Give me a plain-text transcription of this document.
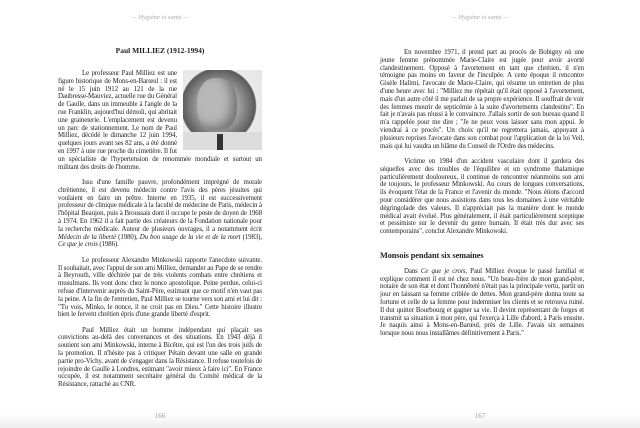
— Hygiène et santé —
Paul MILLIEZ (1912-1994)

Le professeur Paul Milliez est une figure historique de Mons-en-Barœul : il est né le 15 juin 1912 au 121 de la rue Daubresse-Mauviez, actuelle rue du Général de Gaulle, dans un immeuble à l'angle de la rue Franklin, aujourd'hui démoli, qui abritait une graineterie. L'emplacement est devenu un parc de stationnement. Le nom de Paul Milliez, décédé le dimanche 12 juin 1994, quelques jours avant ses 82 ans, a été donné en 1997 à une rue proche du cimetière. Il fut un spécialiste de l'hypertension de renommée mondiale et surtout un militant des droits de l'homme.

Issu d'une famille pauvre, profondément imprégné de morale chrétienne, il est devenu médecin contre l'avis des pères jésuites qui voulaient en faire un prêtre. Interne en 1935, il est successivement professeur de clinique médicale à la faculté de médecine de Paris, médecin à l'hôpital Beaujon, puis à Broussais dont il occupe le poste de doyen de 1968 à 1974. En 1962 il a fait partie des créateurs de la Fondation nationale pour la recherche médicale. Auteur de plusieurs ouvrages, il a notamment écrit Médecin de la liberté (1980), Du bon usage de la vie et de la mort (1983), Ce que je crois (1986).

Le professeur Alexandre Minkowski rapporte l'anecdote suivante. Il souhaitait, avec l'appui de son ami Milliez, demander au Pape de se rendre à Beyrouth, ville déchirée par de très violents combats entre chrétiens et musulmans. Ils vont donc chez le nonce apostolique. Peine perdue, celui-ci refuse d'intervenir auprès du Saint-Père, estimant que ce motif n'en vaut pas la peine. A la fin de l'entretien, Paul Milliez se tourne vers son ami et lui dit : "Tu vois, Minko, le nonce, il ne croit pas en Dieu." Cette histoire illustre bien le fervent chrétien épris d'une grande liberté d'esprit.

Paul Milliez était un homme indépendant qui plaçait ses convictions au-delà des convenances et des situations. En 1943 déjà il soutient son ami Minkowski, interne à Bicêtre, qui est l'un des trois juifs de la promotion. Il n'hésite pas à critiquer Pétain devant une salle en grande partie pro-Vichy, avant de s'engager dans la Résistance. Il refuse toutefois de rejoindre de Gaulle à Londres, estimant "avoir mieux à faire ici". En France occupée, il est notamment secrétaire général du Comité médical de la Résistance, rattaché au CNR.

166
— Hygiène et santé —

En novembre 1971, il prend part au procès de Bobigny où une jeune femme prénommée Marie-Claire est jugée pour avoir avorté clandestinement. Opposé à l'avortement en tant que chrétien, il n'en témoigne pas moins en faveur de l'inculpée. A cette époque il rencontre Gisèle Halimi, l'avocate de Marie-Claire, qui résume un entretien de plus d'une heure avec lui : "Milliez me répétait qu'il était opposé à l'avortement, mais d'un autre côté il me parlait de sa propre expérience. Il souffrait de voir des femmes mourir de septicémie à la suite d'avortements clandestins". En fait je n'avais pas réussi à le convaincre. J'allais sortir de son bureau quand il m'a rappelée pour me dire ; "Je ne peux vous laisser sans mon appui. Je viendrai à ce procès". Un choix qu'il ne regrettera jamais, appuyant à plusieurs reprises l'avocate dans son combat pour l'application de la loi Veil, mais qui lui vaudra un blâme du Conseil de l'Ordre des médecins.

Victime en 1984 d'un accident vasculaire dont il gardera des séquelles avec des troubles de l'équilibre et un syndrome thalamique particulièrement douloureux, il continue de rencontrer néanmoins son ami de toujours, le professeur Minkowski. Au cours de longues conversations, ils évoquent l'état de la France et l'avenir du monde. "Nous étions d'accord pour considérer que nous assistions dans tous les domaines à une véritable dégringolade des valeurs. Il n'appréciait pas la manière dont le monde médical avait évolué. Plus généralement, il était particulièrement sceptique et pessimiste sur le devenir du genre humain. Il était très dur avec ses contemporains", conclut Alexandre Minkowski.

Monsois pendant six semaines

Dans Ce que je crois, Paul Milliez évoque le passé familial et explique comment il est né chez nous. "Un beau-frère de mon grand-père, notaire de son état et dont l'honnêteté n'était pas la principale vertu, partit un jour en laissant sa femme criblée de dettes. Mon grand-père donna toute sa fortune et celle de sa femme pour indemniser les clients et se retrouva ruiné. Il dut quitter Bourbourg et gagner sa vie. Il devint représentant de forges et transmit sa situation à mon père, qui l'exerça à Lille d'abord, à Paris ensuite. Je naquis ainsi à Mons-en-Barœul, près de Lille. J'avais six semaines lorsque nous nous installâmes définitivement à Paris."

167
